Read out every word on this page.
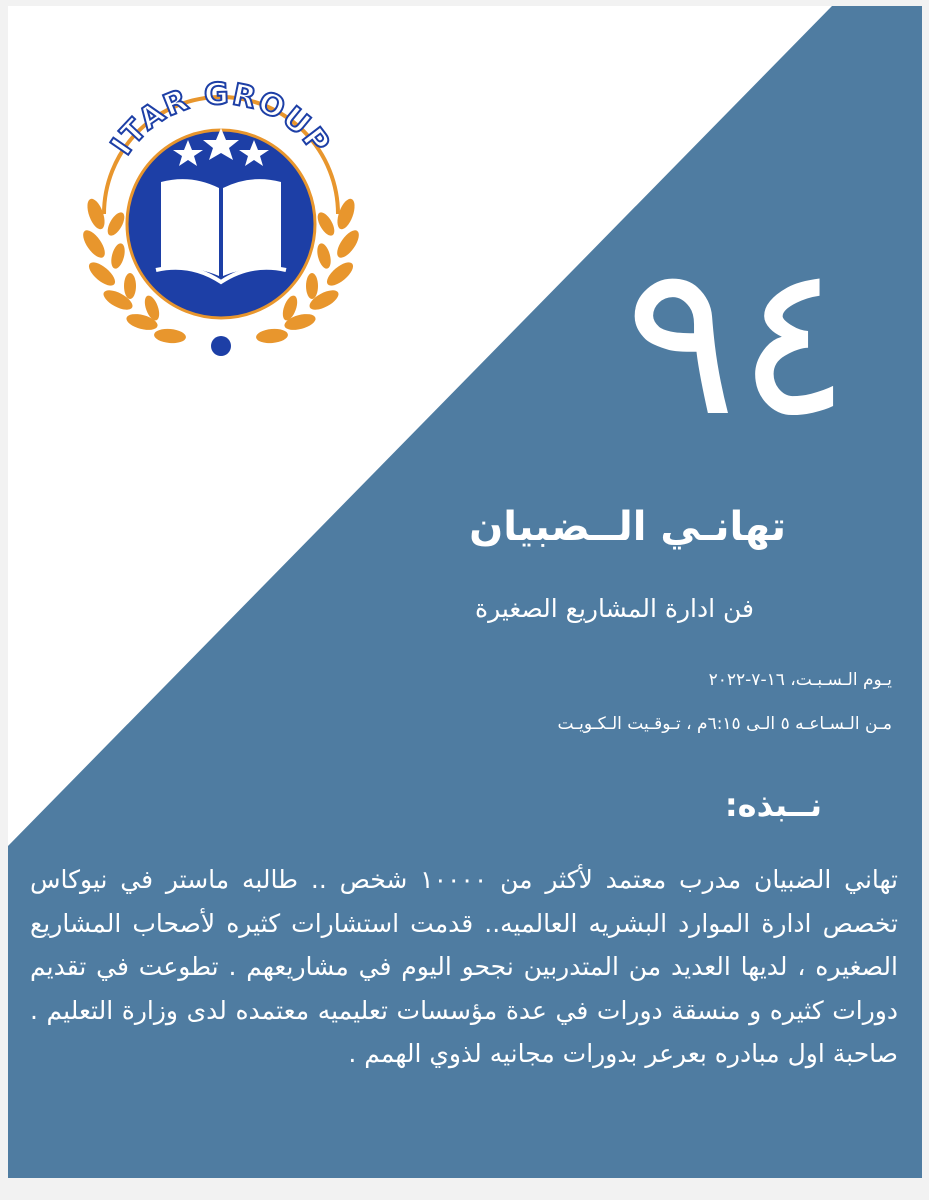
ITAR GROUP
٩٤
تهانـي الــضبيان
فن ادارة المشاريع الصغيرة
يـوم الـسـبـت، ١٦-٧-٢٠٢٢
مـن الـسـاعـه ٥ الـى ٦:١٥م ، تـوقـيت الـكـويـت
نــبذه:
تهاني الضبيان مدرب معتمد لأكثر من ١٠٠٠٠ شخص .. طالبه ماستر في نيوكاس تخصص ادارة الموارد البشريه العالميه.. قدمت استشارات كثيره لأصحاب المشاريع الصغيره ، لديها العديد من المتدربين نجحو اليوم في مشاريعهم . تطوعت في تقديم دورات كثيره و منسقة دورات في عدة مؤسسات تعليميه معتمده لدى وزارة التعليم . صاحبة اول مبادره بعرعر بدورات مجانيه لذوي الهمم .
